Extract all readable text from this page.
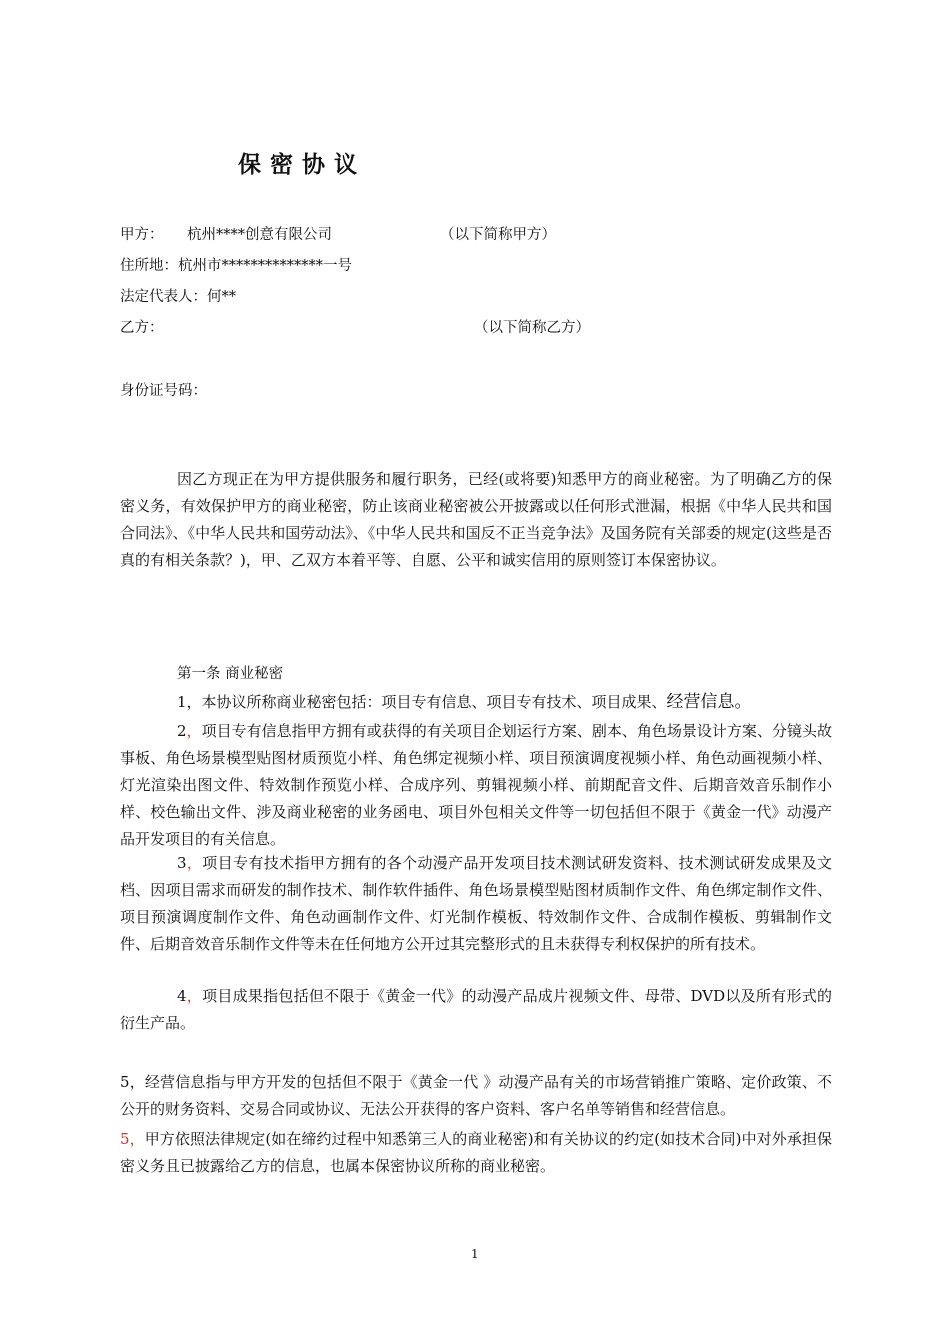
保密协议
甲方： 杭州****创意有限公司	（以下简称甲方）
住所地：杭州市**************一号
法定代表人：何**
乙方：	（以下简称乙方）
身份证号码：
因乙方现正在为甲方提供服务和履行职务，已经(或将要)知悉甲方的商业秘密。为了明确乙方的保密义务，有效保护甲方的商业秘密，防止该商业秘密被公开披露或以任何形式泄漏，根据《中华人民共和国合同法》、《中华人民共和国劳动法》、《中华人民共和国反不正当竞争法》及国务院有关部委的规定(这些是否真的有相关条款？)，甲、乙双方本着平等、自愿、公平和诚实信用的原则签订本保密协议。
第一条 商业秘密
1，本协议所称商业秘密包括：项目专有信息、项目专有技术、项目成果、经营信息。
2，项目专有信息指甲方拥有或获得的有关项目企划运行方案、剧本、角色场景设计方案、分镜头故事板、角色场景模型贴图材质预览小样、角色绑定视频小样、项目预演调度视频小样、角色动画视频小样、灯光渲染出图文件、特效制作预览小样、合成序列、剪辑视频小样、前期配音文件、后期音效音乐制作小样、校色输出文件、涉及商业秘密的业务函电、项目外包相关文件等一切包括但不限于《黄金一代》动漫产品开发项目的有关信息。
3，项目专有技术指甲方拥有的各个动漫产品开发项目技术测试研发资料、技术测试研发成果及文档、因项目需求而研发的制作技术、制作软件插件、角色场景模型贴图材质制作文件、角色绑定制作文件、项目预演调度制作文件、角色动画制作文件、灯光制作模板、特效制作文件、合成制作模板、剪辑制作文件、后期音效音乐制作文件等未在任何地方公开过其完整形式的且未获得专利权保护的所有技术。
4，项目成果指包括但不限于《黄金一代》的动漫产品成片视频文件、母带、DVD以及所有形式的衍生产品。
5，经营信息指与甲方开发的包括但不限于《黄金一代 》动漫产品有关的市场营销推广策略、定价政策、不公开的财务资料、交易合同或协议、无法公开获得的客户资料、客户名单等销售和经营信息。
5，甲方依照法律规定(如在缔约过程中知悉第三人的商业秘密)和有关协议的约定(如技术合同)中对外承担保密义务且已披露给乙方的信息，也属本保密协议所称的商业秘密。
1
